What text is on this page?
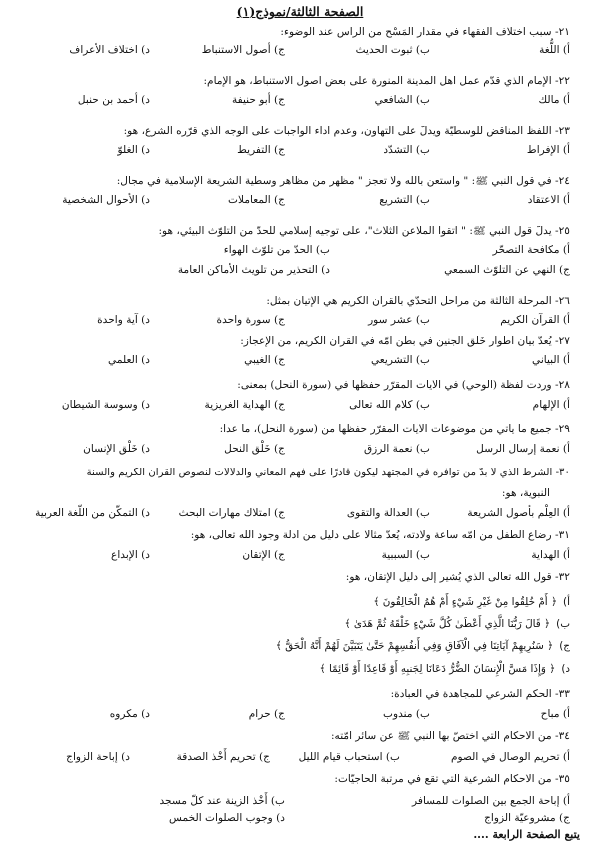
الصفحة الثالثة/نموذج(١)
٢١- سبب اختلاف الفقهاء في مقدار المَسْح من الرأس عند الوضوء:
أ) اللُّغة
ب) ثبوت الحديث
ج) أصول الاستنباط
د) اختلاف الأعراف
٢٢- الإمام الذي قدّم عمل أهل المدينة المنورة على بعض أصول الاستنباط، هو الإمام:
أ) مالك
ب) الشافعي
ج) أبو حنيفة
د) أحمد بن حنبل
٢٣- اللفظ المناقض للوسطيّة ويدلّ على التهاون، وعدم أداء الواجبات على الوجه الذي قرّره الشرع، هو:
أ) الإفراط
ب) التشدّد
ج) التفريط
د) الغلوّ
٢٤- في قول النبي ﷺ: " واستعن بالله ولا تعجز " مظهر من مظاهر وسطية الشريعة الإسلامية في مجال:
أ) الاعتقاد
ب) التشريع
ج) المعاملات
د) الأحوال الشخصية
٢٥- يدلّ قول النبي ﷺ: " اتقوا الملاعن الثلاث"، على توجيه إسلامي للحدّ من التلوّث البيئي، هو:
أ) مكافحة التصحّر
ب) الحدّ من تلوّث الهواء
ج) النهي عن التلوّث السمعي
د) التحذير من تلويث الأماكن العامة
٢٦- المرحلة الثالثة من مراحل التحدّي بالقرآن الكريم هي الإتيان بمثل:
أ) القرآن الكريم
ب) عشر سور
ج) سورة واحدة
د) آية واحدة
٢٧- يُعدّ بيان أطوار خَلق الجنين في بطن أمّه في القرآن الكريم، من الإعجاز:
أ) البياني
ب) التشريعي
ج) الغيبي
د) العلمي
٢٨- وردت لفظة (الوحي) في الآيات المقرّر حفظها في (سورة النحل) بمعنى:
أ) الإلهام
ب) كلام الله تعالى
ج) الهداية الغريزية
د) وسوسة الشيطان
٢٩- جميع ما يأتي من موضوعات الآيات المقرّر حفظها من (سورة النحل)، ما عدا:
أ) نعمة إرسال الرسل
ب) نعمة الرزق
ج) خَلْق النحل
د) خَلْق الإنسان
٣٠- الشرط الذي لا بدّ من توافره في المجتهد ليكون قادرًا على فهم المعاني والدلالات لنصوص القرآن الكريم والسنة
النبوية، هو:
أ) العِلْم بأصول الشريعة
ب) العدالة والتقوى
ج) امتلاك مهارات البحث
د) التمكّن من اللّغة العربية
٣١- رضاع الطفل من أمّه ساعة ولادته، يُعدّ مثالًا على دليل من أدلة وجود الله تعالى، هو:
أ) الهداية
ب) السببية
ج) الإتقان
د) الإبداع
٣٢- قول الله تعالى الذي يُشير إلى دليل الإتقان، هو:
أ)﴿ أَمْ خُلِقُوا مِنْ غَيْرِ شَيْءٍ أَمْ هُمُ الْخَالِقُونَ ﴾
ب)﴿ قَالَ رَبُّنَا الَّذِي أَعْطَىٰ كُلَّ شَيْءٍ خَلْقَهُ ثُمَّ هَدَىٰ ﴾
ج)﴿ سَنُرِيهِمْ آيَاتِنَا فِي الْآفَاقِ وَفِي أَنفُسِهِمْ حَتَّىٰ يَتَبَيَّنَ لَهُمْ أَنَّهُ الْحَقُّ ﴾
د)﴿ وَإِذَا مَسَّ الْإِنسَانَ الضُّرُّ دَعَانَا لِجَنبِهِ أَوْ قَاعِدًا أَوْ قَائِمًا ﴾
٣٣- الحكم الشرعي للمجاهدة في العبادة:
أ) مباح
ب) مندوب
ج) حرام
د) مكروه
٣٤- من الأحكام التي اختصّ بها النبي ﷺ عن سائر أمّته:
أ) تحريم الوصال في الصوم
ب) استحباب قيام الليل
ج) تحريم أَخْذ الصدقة
د) إباحة الزواج
٣٥- من الأحكام الشرعية التي تقع في مرتبة الحاجيّات:
أ) إباحة الجمع بين الصلوات للمسافر
ب) أَخْذ الزينة عند كلّ مسجد
ج) مشروعيّة الزواج
د) وجوب الصلوات الخمس
يتبع الصفحة الرابعة ....
